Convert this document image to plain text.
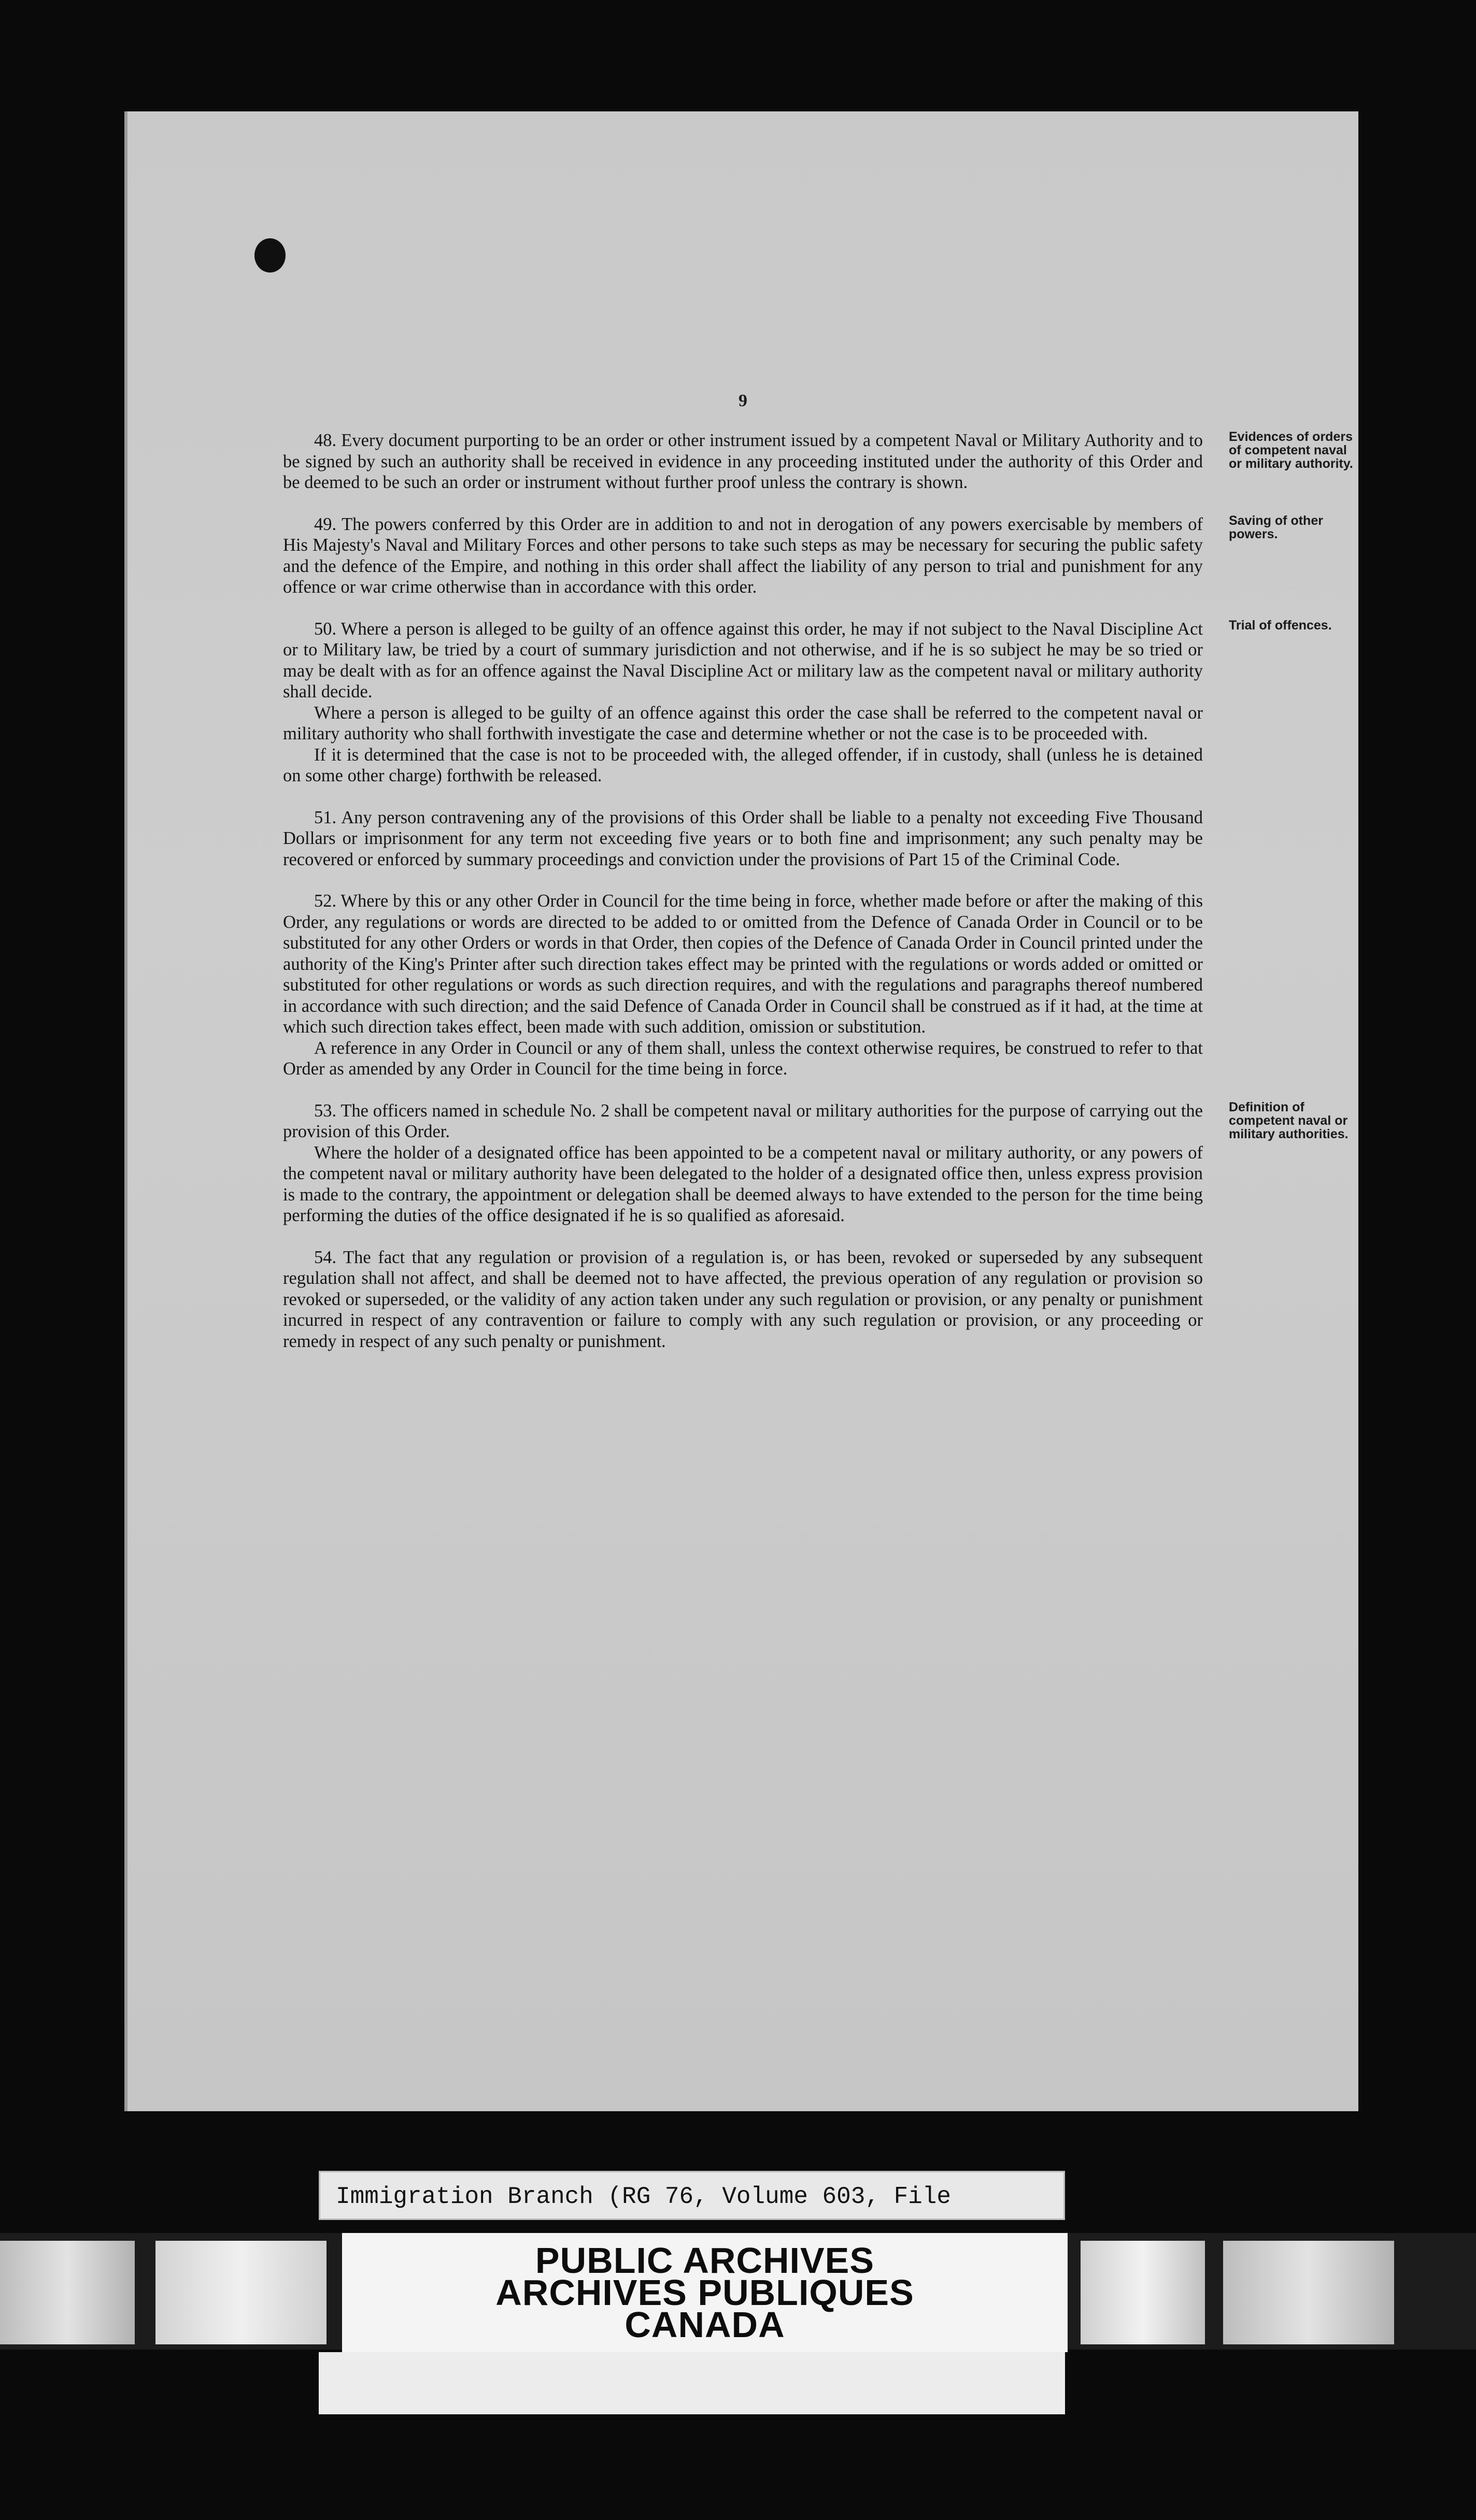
9

48. Every document purporting to be an order or other instrument issued by a competent Naval or Military Authority and to be signed by such an authority shall be received in evidence in any proceeding instituted under the authority of this Order and be deemed to be such an order or instrument without further proof unless the contrary is shown.

Evidences of orders of competent naval or military authority.

49. The powers conferred by this Order are in addition to and not in derogation of any powers exercisable by members of His Majesty's Naval and Military Forces and other persons to take such steps as may be necessary for securing the public safety and the defence of the Empire, and nothing in this order shall affect the liability of any person to trial and punishment for any offence or war crime otherwise than in accordance with this order.

Saving of other powers.

50. Where a person is alleged to be guilty of an offence against this order, he may if not subject to the Naval Discipline Act or to Military law, be tried by a court of summary jurisdiction and not otherwise, and if he is so subject he may be so tried or may be dealt with as for an offence against the Naval Discipline Act or military law as the competent naval or military authority shall decide.

Where a person is alleged to be guilty of an offence against this order the case shall be referred to the competent naval or military authority who shall forthwith investigate the case and determine whether or not the case is to be proceeded with.

If it is determined that the case is not to be proceeded with, the alleged offender, if in custody, shall (unless he is detained on some other charge) forthwith be released.

Trial of offences.

51. Any person contravening any of the provisions of this Order shall be liable to a penalty not exceeding Five Thousand Dollars or imprisonment for any term not exceeding five years or to both fine and imprisonment; any such penalty may be recovered or enforced by summary proceedings and conviction under the provisions of Part 15 of the Criminal Code.

52. Where by this or any other Order in Council for the time being in force, whether made before or after the making of this Order, any regulations or words are directed to be added to or omitted from the Defence of Canada Order in Council or to be substituted for any other Orders or words in that Order, then copies of the Defence of Canada Order in Council printed under the authority of the King's Printer after such direction takes effect may be printed with the regulations or words added or omitted or substituted for other regulations or words as such direction requires, and with the regulations and paragraphs thereof numbered in accordance with such direction; and the said Defence of Canada Order in Council shall be construed as if it had, at the time at which such direction takes effect, been made with such addition, omission or substitution.

A reference in any Order in Council or any of them shall, unless the context otherwise requires, be construed to refer to that Order as amended by any Order in Council for the time being in force.

53. The officers named in schedule No. 2 shall be competent naval or military authorities for the purpose of carrying out the provision of this Order.

Where the holder of a designated office has been appointed to be a competent naval or military authority, or any powers of the competent naval or military authority have been delegated to the holder of a designated office then, unless express provision is made to the contrary, the appointment or delegation shall be deemed always to have extended to the person for the time being performing the duties of the office designated if he is so qualified as aforesaid.

Definition of competent naval or military authorities.

54. The fact that any regulation or provision of a regulation is, or has been, revoked or superseded by any subsequent regulation shall not affect, and shall be deemed not to have affected, the previous operation of any regulation or provision so revoked or superseded, or the validity of any action taken under any such regulation or provision, or any penalty or punishment incurred in respect of any contravention or failure to comply with any such regulation or provision, or any proceeding or remedy in respect of any such penalty or punishment.

Immigration Branch (RG 76, Volume 603, File
PUBLIC ARCHIVES
ARCHIVES PUBLIQUES
CANADA
